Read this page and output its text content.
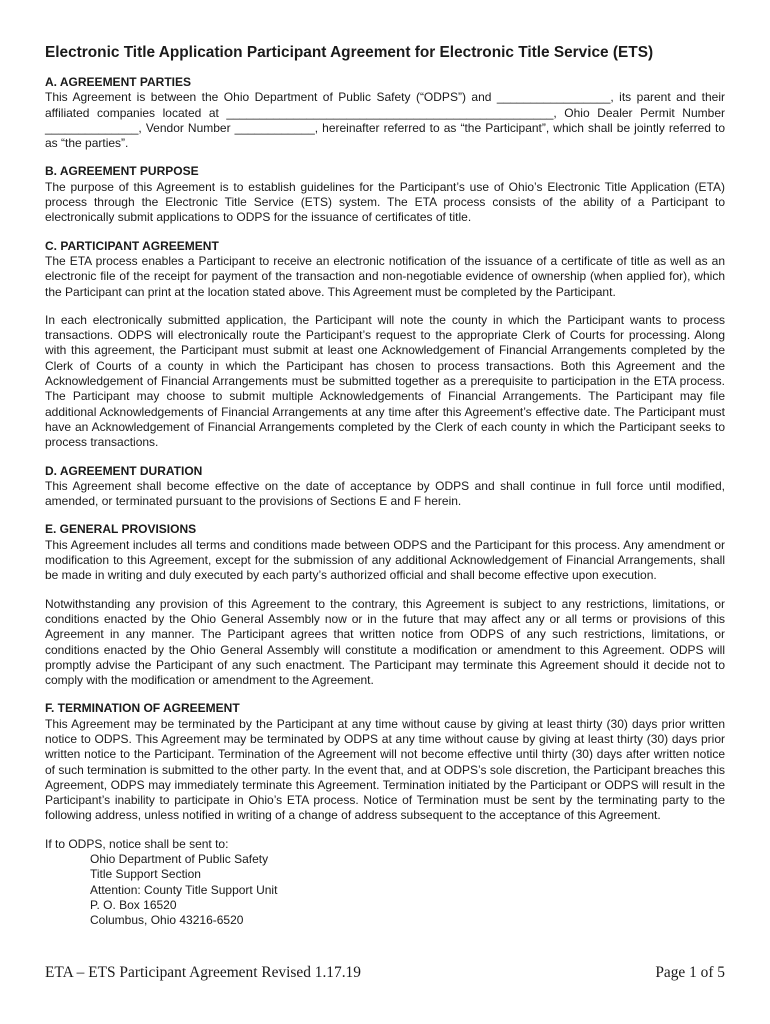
Electronic Title Application Participant Agreement for Electronic Title Service (ETS)
A. AGREEMENT PARTIES

This Agreement is between the Ohio Department of Public Safety (“ODPS”) and _________________, its parent and their affiliated companies located at _________________________________________________, Ohio Dealer Permit Number ______________, Vendor Number ____________, hereinafter referred to as “the Participant”, which shall be jointly referred to as “the parties”.

B. AGREEMENT PURPOSE

The purpose of this Agreement is to establish guidelines for the Participant’s use of Ohio’s Electronic Title Application (ETA) process through the Electronic Title Service (ETS) system. The ETA process consists of the ability of a Participant to electronically submit applications to ODPS for the issuance of certificates of title.

C. PARTICIPANT AGREEMENT

The ETA process enables a Participant to receive an electronic notification of the issuance of a certificate of title as well as an electronic file of the receipt for payment of the transaction and non-negotiable evidence of ownership (when applied for), which the Participant can print at the location stated above. This Agreement must be completed by the Participant.

In each electronically submitted application, the Participant will note the county in which the Participant wants to process transactions. ODPS will electronically route the Participant’s request to the appropriate Clerk of Courts for processing. Along with this agreement, the Participant must submit at least one Acknowledgement of Financial Arrangements completed by the Clerk of Courts of a county in which the Participant has chosen to process transactions. Both this Agreement and the Acknowledgement of Financial Arrangements must be submitted together as a prerequisite to participation in the ETA process. The Participant may choose to submit multiple Acknowledgements of Financial Arrangements. The Participant may file additional Acknowledgements of Financial Arrangements at any time after this Agreement’s effective date. The Participant must have an Acknowledgement of Financial Arrangements completed by the Clerk of each county in which the Participant seeks to process transactions.

D. AGREEMENT DURATION

This Agreement shall become effective on the date of acceptance by ODPS and shall continue in full force until modified, amended, or terminated pursuant to the provisions of Sections E and F herein.

E. GENERAL PROVISIONS

This Agreement includes all terms and conditions made between ODPS and the Participant for this process. Any amendment or modification to this Agreement, except for the submission of any additional Acknowledgement of Financial Arrangements, shall be made in writing and duly executed by each party’s authorized official and shall become effective upon execution.

Notwithstanding any provision of this Agreement to the contrary, this Agreement is subject to any restrictions, limitations, or conditions enacted by the Ohio General Assembly now or in the future that may affect any or all terms or provisions of this Agreement in any manner. The Participant agrees that written notice from ODPS of any such restrictions, limitations, or conditions enacted by the Ohio General Assembly will constitute a modification or amendment to this Agreement. ODPS will promptly advise the Participant of any such enactment. The Participant may terminate this Agreement should it decide not to comply with the modification or amendment to the Agreement.

F. TERMINATION OF AGREEMENT

This Agreement may be terminated by the Participant at any time without cause by giving at least thirty (30) days prior written notice to ODPS. This Agreement may be terminated by ODPS at any time without cause by giving at least thirty (30) days prior written notice to the Participant. Termination of the Agreement will not become effective until thirty (30) days after written notice of such termination is submitted to the other party. In the event that, and at ODPS’s sole discretion, the Participant breaches this Agreement, ODPS may immediately terminate this Agreement. Termination initiated by the Participant or ODPS will result in the Participant’s inability to participate in Ohio’s ETA process. Notice of Termination must be sent by the terminating party to the following address, unless notified in writing of a change of address subsequent to the acceptance of this Agreement.

If to ODPS, notice shall be sent to:

Ohio Department of Public Safety
Title Support Section
Attention: County Title Support Unit
P. O. Box 16520
Columbus, Ohio 43216-6520
ETA – ETS Participant Agreement Revised 1.17.19	Page 1 of 5
